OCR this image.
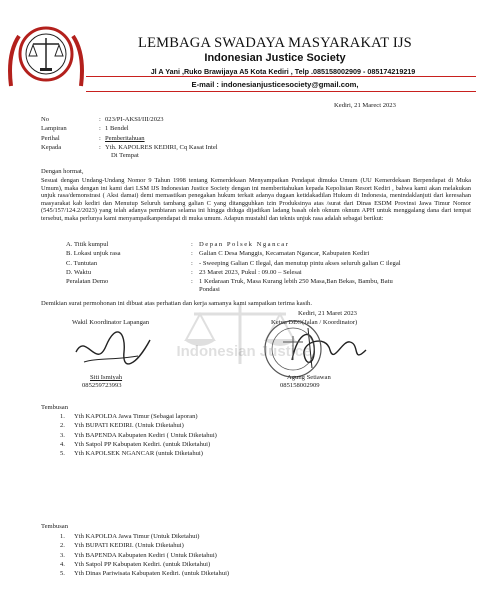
LEMBAGA SWADAYA MASYARAKAT IJS
Indonesian Justice Society
Jl A Yani ,Ruko Brawijaya A5 Kota Kediri , Telp .085158002909 - 085174219219
E-mail : indonesianjusticesociety@gmail.com,
Kediri, 21 Marect 2023
No	: 023/PI-AKSI/III/2023
Lampiran	: 1 Bendel
Perihal	: Pemberitahuan
Kepada	: Yth. KAPOLRES KEDIRI, Cq Kasat Intel
Di Tempat
Dengan hormat,
Sesuai dengan Undang-Undang Nomor 9 Tahun 1998 tentang Kemerdekaan Menyampaikan Pendapat dimuka Umum (UU Kemerdekaan Berpendapat di Muka Umum), maka dengan ini kami dari LSM IJS Indonesian Justice Society dengan ini memberitahukan kepada Kepolisian Resort Kediri , bahwa kami akan melakukan unjuk rasa/demonstrasi ( Aksi damai) demi memastikan penegakan hukum terkait adanya dugaan ketidakadilan Hukum di Indonesia, menindaklanjuti dari keresahan masyarakat kab kediri dan Menutup Seluruh tambang galian C yang ditangguhkan izin Produksinya atas /surat dari Dinas ESDM Provinsi Jawa Timur Nomor (545/157/124.2/2023) yang telah adanya pembiaran selama ini hingga diduga dijadikan ladang basah oleh oknum oknum APH untuk menggalang dana dari tempat tersebut, maka perlunya kami menyampaikanpendapat di muka umum. Adapun mustahil dan teknis unjuk rasa adalah sebagai berikut:
A. Titik kumpul	: Depan Polsek Ngancar
B. Lokasi unjuk rasa	: Galian C Desa Manggis, Kecamatan Ngancar, Kabupaten Kediri
C. Tuntutan	: - Sweeping Galian C Ilegal, dan menutup pintu akses seluruh galian C ilegal
D. Waktu	: 23 Maret 2023, Pukul : 09.00 – Selesai
Peralatan Demo	: 1 Kedaraan Truk, Masa Kurang lebih 250 Masa,Ban Bekas, Bambu, Batu Pondasi
Demikian surat permohonan ini dibuat atas perhatian dan kerja samanya kami sampaikan terima kasih.
Indonesian Justice
Kediri, 21 Maret 2023
Wakil Koordinator Lapangan	Ketua DEO(Jalan / Koordinator)
Siti Ismiyah
085259723993
Agung Setiawan
085158002909
Tembusan
1.	Yth KAPOLDA Jawa Timur (Sebagai laporan)
2.	Yth BUPATI KEDIRI. (Untuk Diketahui)
3.	Yth BAPENDA Kabupaten Kediri ( Untuk Diketahui)
4.	Yth Satpol PP Kabupaten Kediri. (untuk Diketahui)
5.	Yth KAPOLSEK NGANCAR (untuk Diketahui)
Tembusan
1.	Yth KAPOLDA Jawa Timur (Untuk Diketahui)
2.	Yth BUPATI KEDIRI. (Untuk Diketahui)
3.	Yth BAPENDA Kabupaten Kediri ( Untuk Diketahui)
4.	Yth Satpol PP Kabupaten Kediri. (untuk Diketahui)
5.	Yth Dinas Pariwisata Kabupaten Kediri. (untuk Diketahui)
